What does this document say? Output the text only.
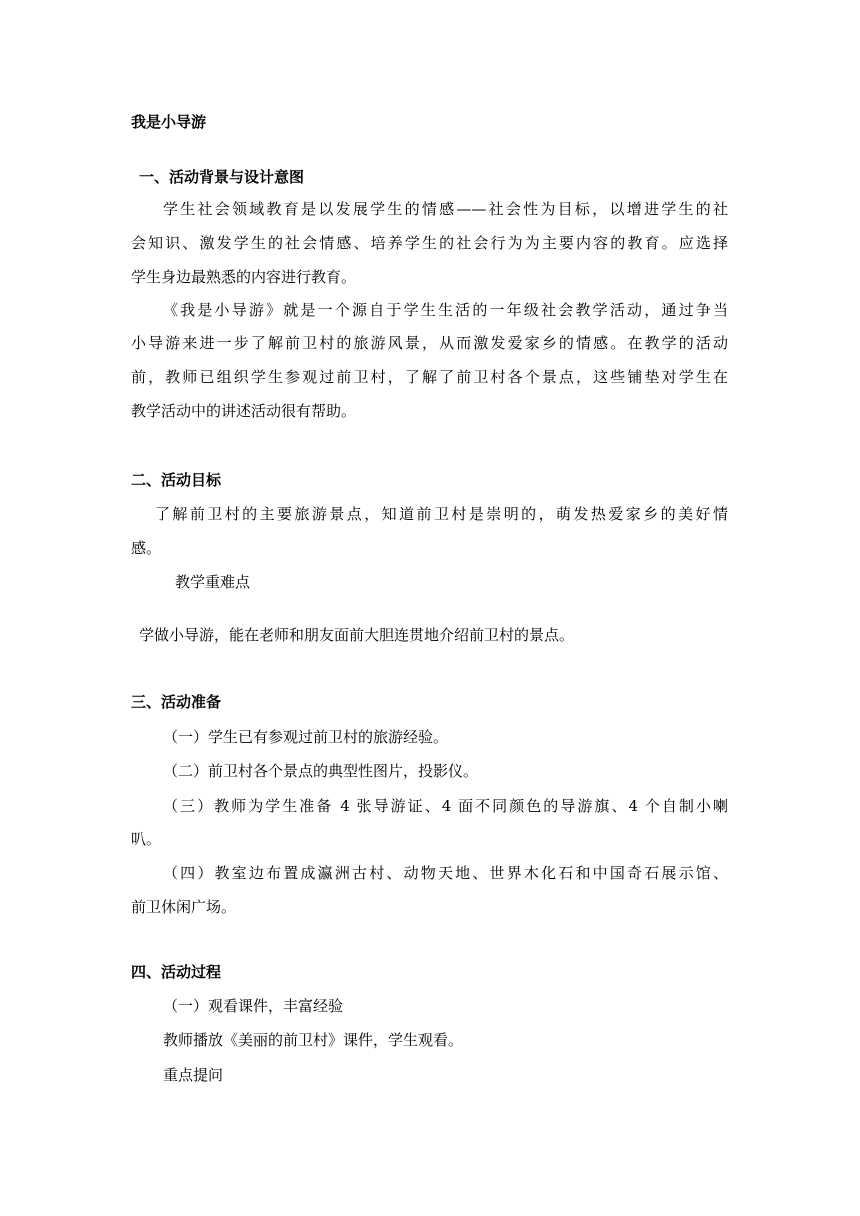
我是小导游
一、活动背景与设计意图
学生社会领域教育是以发展学生的情感——社会性为目标，以增进学生的社
会知识、激发学生的社会情感、培养学生的社会行为为主要内容的教育。应选择
学生身边最熟悉的内容进行教育。
《我是小导游》就是一个源自于学生生活的一年级社会教学活动，通过争当
小导游来进一步了解前卫村的旅游风景，从而激发爱家乡的情感。在教学的活动
前，教师已组织学生参观过前卫村，了解了前卫村各个景点，这些铺垫对学生在
教学活动中的讲述活动很有帮助。
二、活动目标
了解前卫村的主要旅游景点，知道前卫村是崇明的，萌发热爱家乡的美好情
感。
教学重难点
学做小导游，能在老师和朋友面前大胆连贯地介绍前卫村的景点。
三、活动准备
（一）学生已有参观过前卫村的旅游经验。
（二）前卫村各个景点的典型性图片，投影仪。
（三）教师为学生准备 4 张导游证、4 面不同颜色的导游旗、4 个自制小喇
叭。
（四）教室边布置成瀛洲古村、动物天地、世界木化石和中国奇石展示馆、
前卫休闲广场。
四、活动过程
（一）观看课件，丰富经验
教师播放《美丽的前卫村》课件，学生观看。
重点提问
